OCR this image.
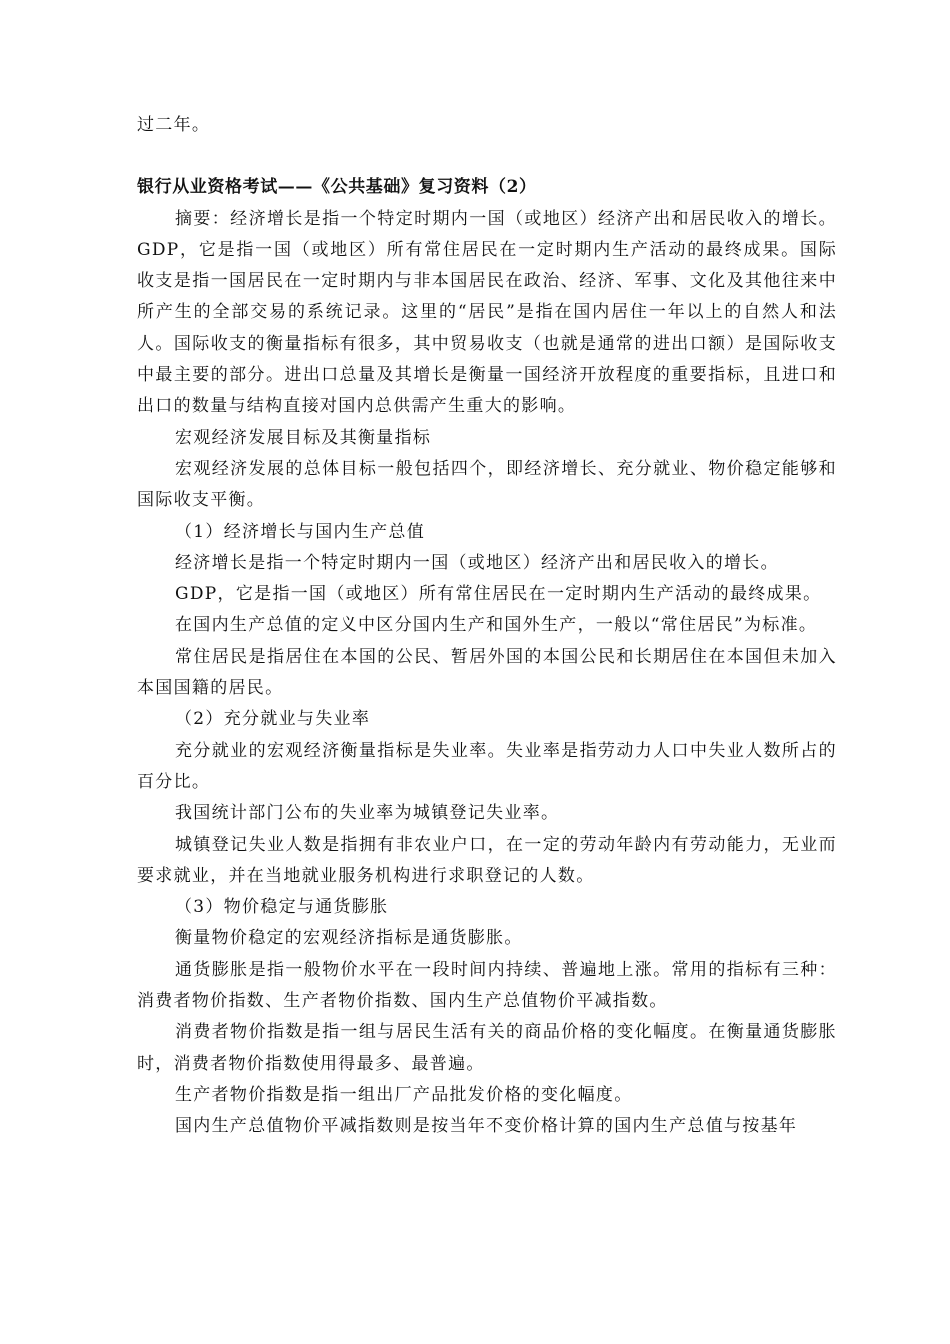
过二年。

银行从业资格考试——《公共基础》复习资料（2）

摘要：经济增长是指一个特定时期内一国（或地区）经济产出和居民收入的增长。GDP，它是指一国（或地区）所有常住居民在一定时期内生产活动的最终成果。国际收支是指一国居民在一定时期内与非本国居民在政治、经济、军事、文化及其他往来中所产生的全部交易的系统记录。这里的“居民”是指在国内居住一年以上的自然人和法人。国际收支的衡量指标有很多，其中贸易收支（也就是通常的进出口额）是国际收支中最主要的部分。进出口总量及其增长是衡量一国经济开放程度的重要指标，且进口和出口的数量与结构直接对国内总供需产生重大的影响。

宏观经济发展目标及其衡量指标

宏观经济发展的总体目标一般包括四个，即经济增长、充分就业、物价稳定能够和国际收支平衡。

（1）经济增长与国内生产总值

经济增长是指一个特定时期内一国（或地区）经济产出和居民收入的增长。

GDP，它是指一国（或地区）所有常住居民在一定时期内生产活动的最终成果。

在国内生产总值的定义中区分国内生产和国外生产，一般以“常住居民”为标准。

常住居民是指居住在本国的公民、暂居外国的本国公民和长期居住在本国但未加入本国国籍的居民。

（2）充分就业与失业率

充分就业的宏观经济衡量指标是失业率。失业率是指劳动力人口中失业人数所占的百分比。

我国统计部门公布的失业率为城镇登记失业率。

城镇登记失业人数是指拥有非农业户口，在一定的劳动年龄内有劳动能力，无业而要求就业，并在当地就业服务机构进行求职登记的人数。

（3）物价稳定与通货膨胀

衡量物价稳定的宏观经济指标是通货膨胀。

通货膨胀是指一般物价水平在一段时间内持续、普遍地上涨。常用的指标有三种：消费者物价指数、生产者物价指数、国内生产总值物价平减指数。

消费者物价指数是指一组与居民生活有关的商品价格的变化幅度。在衡量通货膨胀时，消费者物价指数使用得最多、最普遍。

生产者物价指数是指一组出厂产品批发价格的变化幅度。

国内生产总值物价平减指数则是按当年不变价格计算的国内生产总值与按基年
